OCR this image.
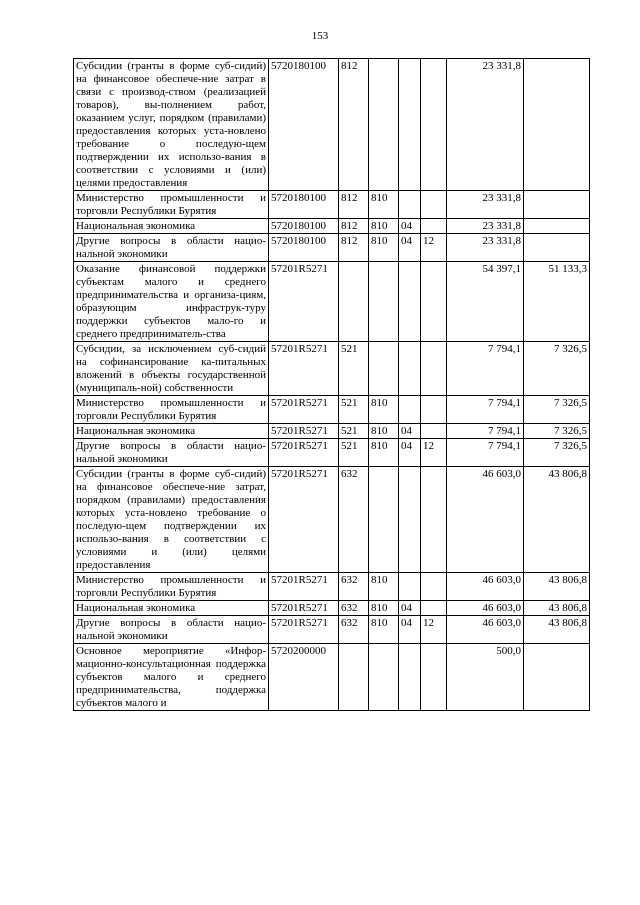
153
Субсидии (гранты в форме суб-сидий) на финансовое обеспече-ние затрат в связи с производ-ством (реализацией товаров), вы-полнением работ, оказанием услуг, порядком (правилами) предоставления которых уста-новлено требование о последую-щем подтверждении их использо-вания в соответствии с условиями и (или) целями предоставления	5720180100	812				23 331,8	
Министерство промышленности и торговли Республики Бурятия	5720180100	812	810			23 331,8	
Национальная экономика	5720180100	812	810	04		23 331,8	
Другие вопросы в области нацио-нальной экономики	5720180100	812	810	04	12	23 331,8	
Оказание финансовой поддержки субъектам малого и среднего предпринимательства и организа-циям, образующим инфраструк-туру поддержки субъектов мало-го и среднего предприниматель-ства	57201R5271					54 397,1	51 133,3
Субсидии, за исключением суб-сидий на софинансирование ка-питальных вложений в объекты государственной (муниципаль-ной) собственности	57201R5271	521				7 794,1	7 326,5
Министерство промышленности и торговли Республики Бурятия	57201R5271	521	810			7 794,1	7 326,5
Национальная экономика	57201R5271	521	810	04		7 794,1	7 326,5
Другие вопросы в области нацио-нальной экономики	57201R5271	521	810	04	12	7 794,1	7 326,5
Субсидии (гранты в форме суб-сидий) на финансовое обеспече-ние затрат, порядком (правилами) предоставления которых уста-новлено требование о последую-щем подтверждении их использо-вания в соответствии с условиями и (или) целями предоставления	57201R5271	632				46 603,0	43 806,8
Министерство промышленности и торговли Республики Бурятия	57201R5271	632	810			46 603,0	43 806,8
Национальная экономика	57201R5271	632	810	04		46 603,0	43 806,8
Другие вопросы в области нацио-нальной экономики	57201R5271	632	810	04	12	46 603,0	43 806,8
Основное мероприятие «Инфор-мационно-консультационная поддержка субъектов малого и среднего предпринимательства, поддержка субъектов малого и	5720200000					500,0	
